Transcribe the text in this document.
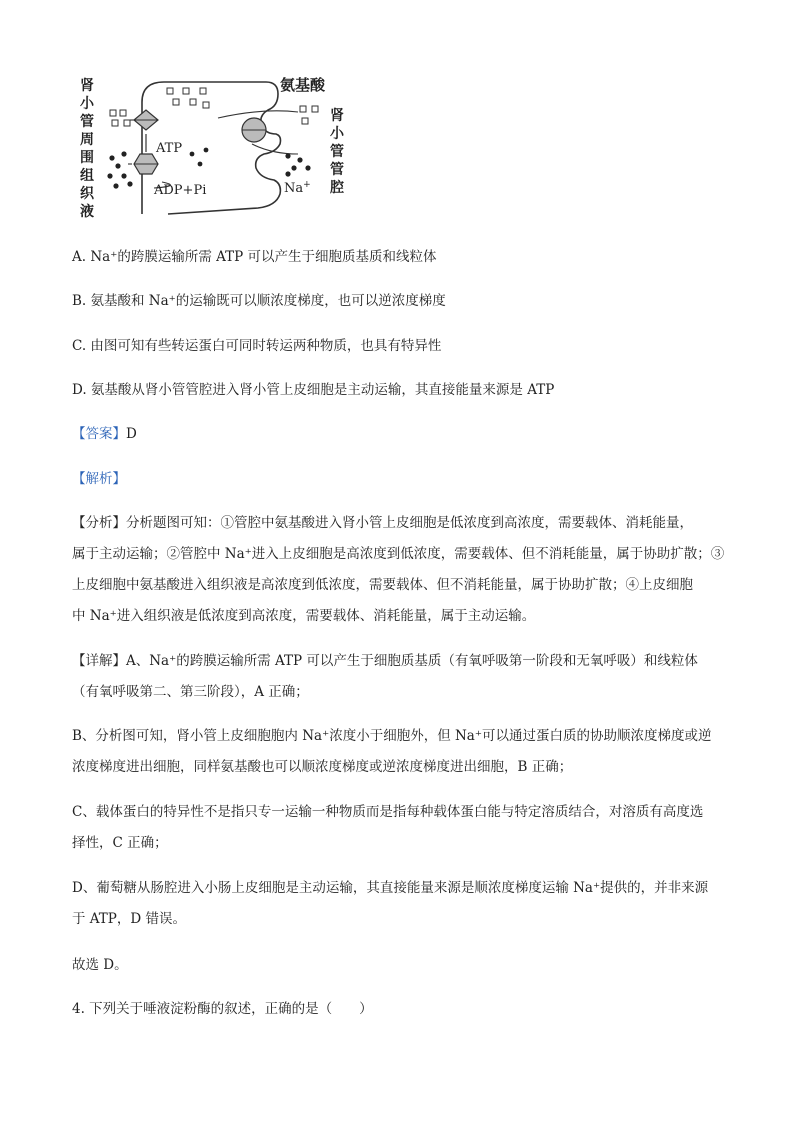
肾
小
管
周
围
组
织
液
ATP
ADP+Pi	Na+
氨基酸
肾
小
管
管
腔
A. Na⁺的跨膜运输所需 ATP 可以产生于细胞质基质和线粒体
B. 氨基酸和 Na⁺的运输既可以顺浓度梯度，也可以逆浓度梯度
C. 由图可知有些转运蛋白可同时转运两种物质，也具有特异性
D. 氨基酸从肾小管管腔进入肾小管上皮细胞是主动运输，其直接能量来源是 ATP
【答案】D
【解析】
【分析】分析题图可知：①管腔中氨基酸进入肾小管上皮细胞是低浓度到高浓度，需要载体、消耗能量，
属于主动运输；②管腔中 Na⁺进入上皮细胞是高浓度到低浓度，需要载体、但不消耗能量，属于协助扩散；③
上皮细胞中氨基酸进入组织液是高浓度到低浓度，需要载体、但不消耗能量，属于协助扩散；④上皮细胞
中 Na⁺进入组织液是低浓度到高浓度，需要载体、消耗能量，属于主动运输。
【详解】A、Na⁺的跨膜运输所需 ATP 可以产生于细胞质基质（有氧呼吸第一阶段和无氧呼吸）和线粒体
（有氧呼吸第二、第三阶段），A 正确；
B、分析图可知，肾小管上皮细胞胞内 Na⁺浓度小于细胞外，但 Na⁺可以通过蛋白质的协助顺浓度梯度或逆
浓度梯度进出细胞，同样氨基酸也可以顺浓度梯度或逆浓度梯度进出细胞，B 正确；
C、载体蛋白的特异性不是指只专一运输一种物质而是指每种载体蛋白能与特定溶质结合，对溶质有高度选
择性，C 正确；
D、葡萄糖从肠腔进入小肠上皮细胞是主动运输，其直接能量来源是顺浓度梯度运输 Na⁺提供的，并非来源
于 ATP，D 错误。
故选 D。
4. 下列关于唾液淀粉酶的叙述，正确的是（　　）
